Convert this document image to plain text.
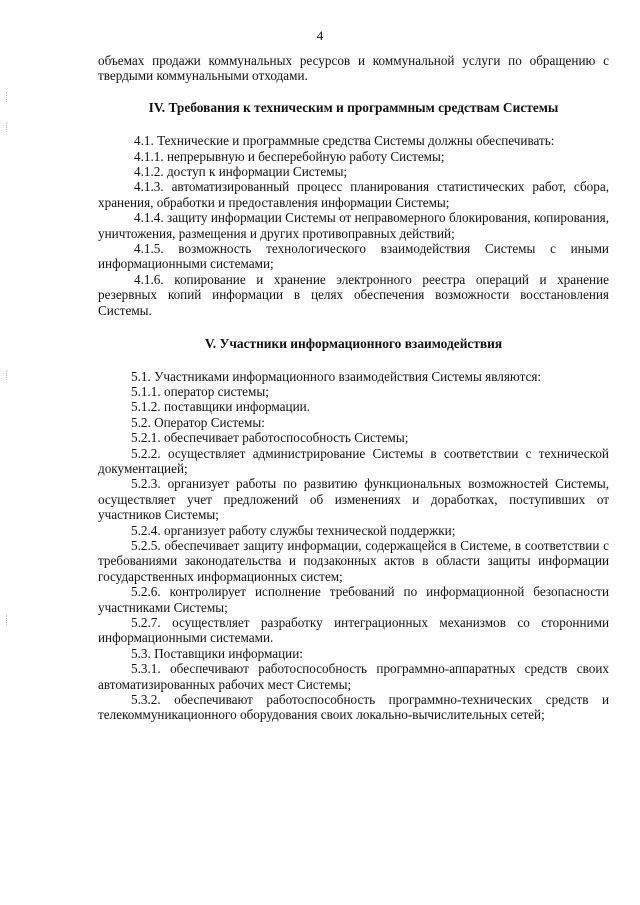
4

объемах продажи коммунальных ресурсов и коммунальной услуги по обращению с твердыми коммунальными отходами.

IV. Требования к техническим и программным средствам Системы

4.1. Технические и программные средства Системы должны обеспечивать:

4.1.1. непрерывную и бесперебойную работу Системы;

4.1.2. доступ к информации Системы;

4.1.3. автоматизированный процесс планирования статистических работ, сбора, хранения, обработки и предоставления информации Системы;

4.1.4. защиту информации Системы от неправомерного блокирования, копирования, уничтожения, размещения и других противоправных действий;

4.1.5. возможность технологического взаимодействия Системы с иными информационными системами;

4.1.6. копирование и хранение электронного реестра операций и хранение резервных копий информации в целях обеспечения возможности восстановления Системы.

V. Участники информационного взаимодействия

5.1. Участниками информационного взаимодействия Системы являются:

5.1.1. оператор системы;

5.1.2. поставщики информации.

5.2. Оператор Системы:

5.2.1. обеспечивает работоспособность Системы;

5.2.2. осуществляет администрирование Системы в соответствии с технической документацией;

5.2.3. организует работы по развитию функциональных возможностей Системы, осуществляет учет предложений об изменениях и доработках, поступивших от участников Системы;

5.2.4. организует работу службы технической поддержки;

5.2.5. обеспечивает защиту информации, содержащейся в Системе, в соответствии с требованиями законодательства и подзаконных актов в области защиты информации государственных информационных систем;

5.2.6. контролирует исполнение требований по информационной безопасности участниками Системы;

5.2.7. осуществляет разработку интеграционных механизмов со сторонними информационными системами.

5.3. Поставщики информации:

5.3.1. обеспечивают работоспособность программно-аппаратных средств своих автоматизированных рабочих мест Системы;

5.3.2. обеспечивают работоспособность программно-технических средств и телекоммуникационного оборудования своих локально-вычислительных сетей;
